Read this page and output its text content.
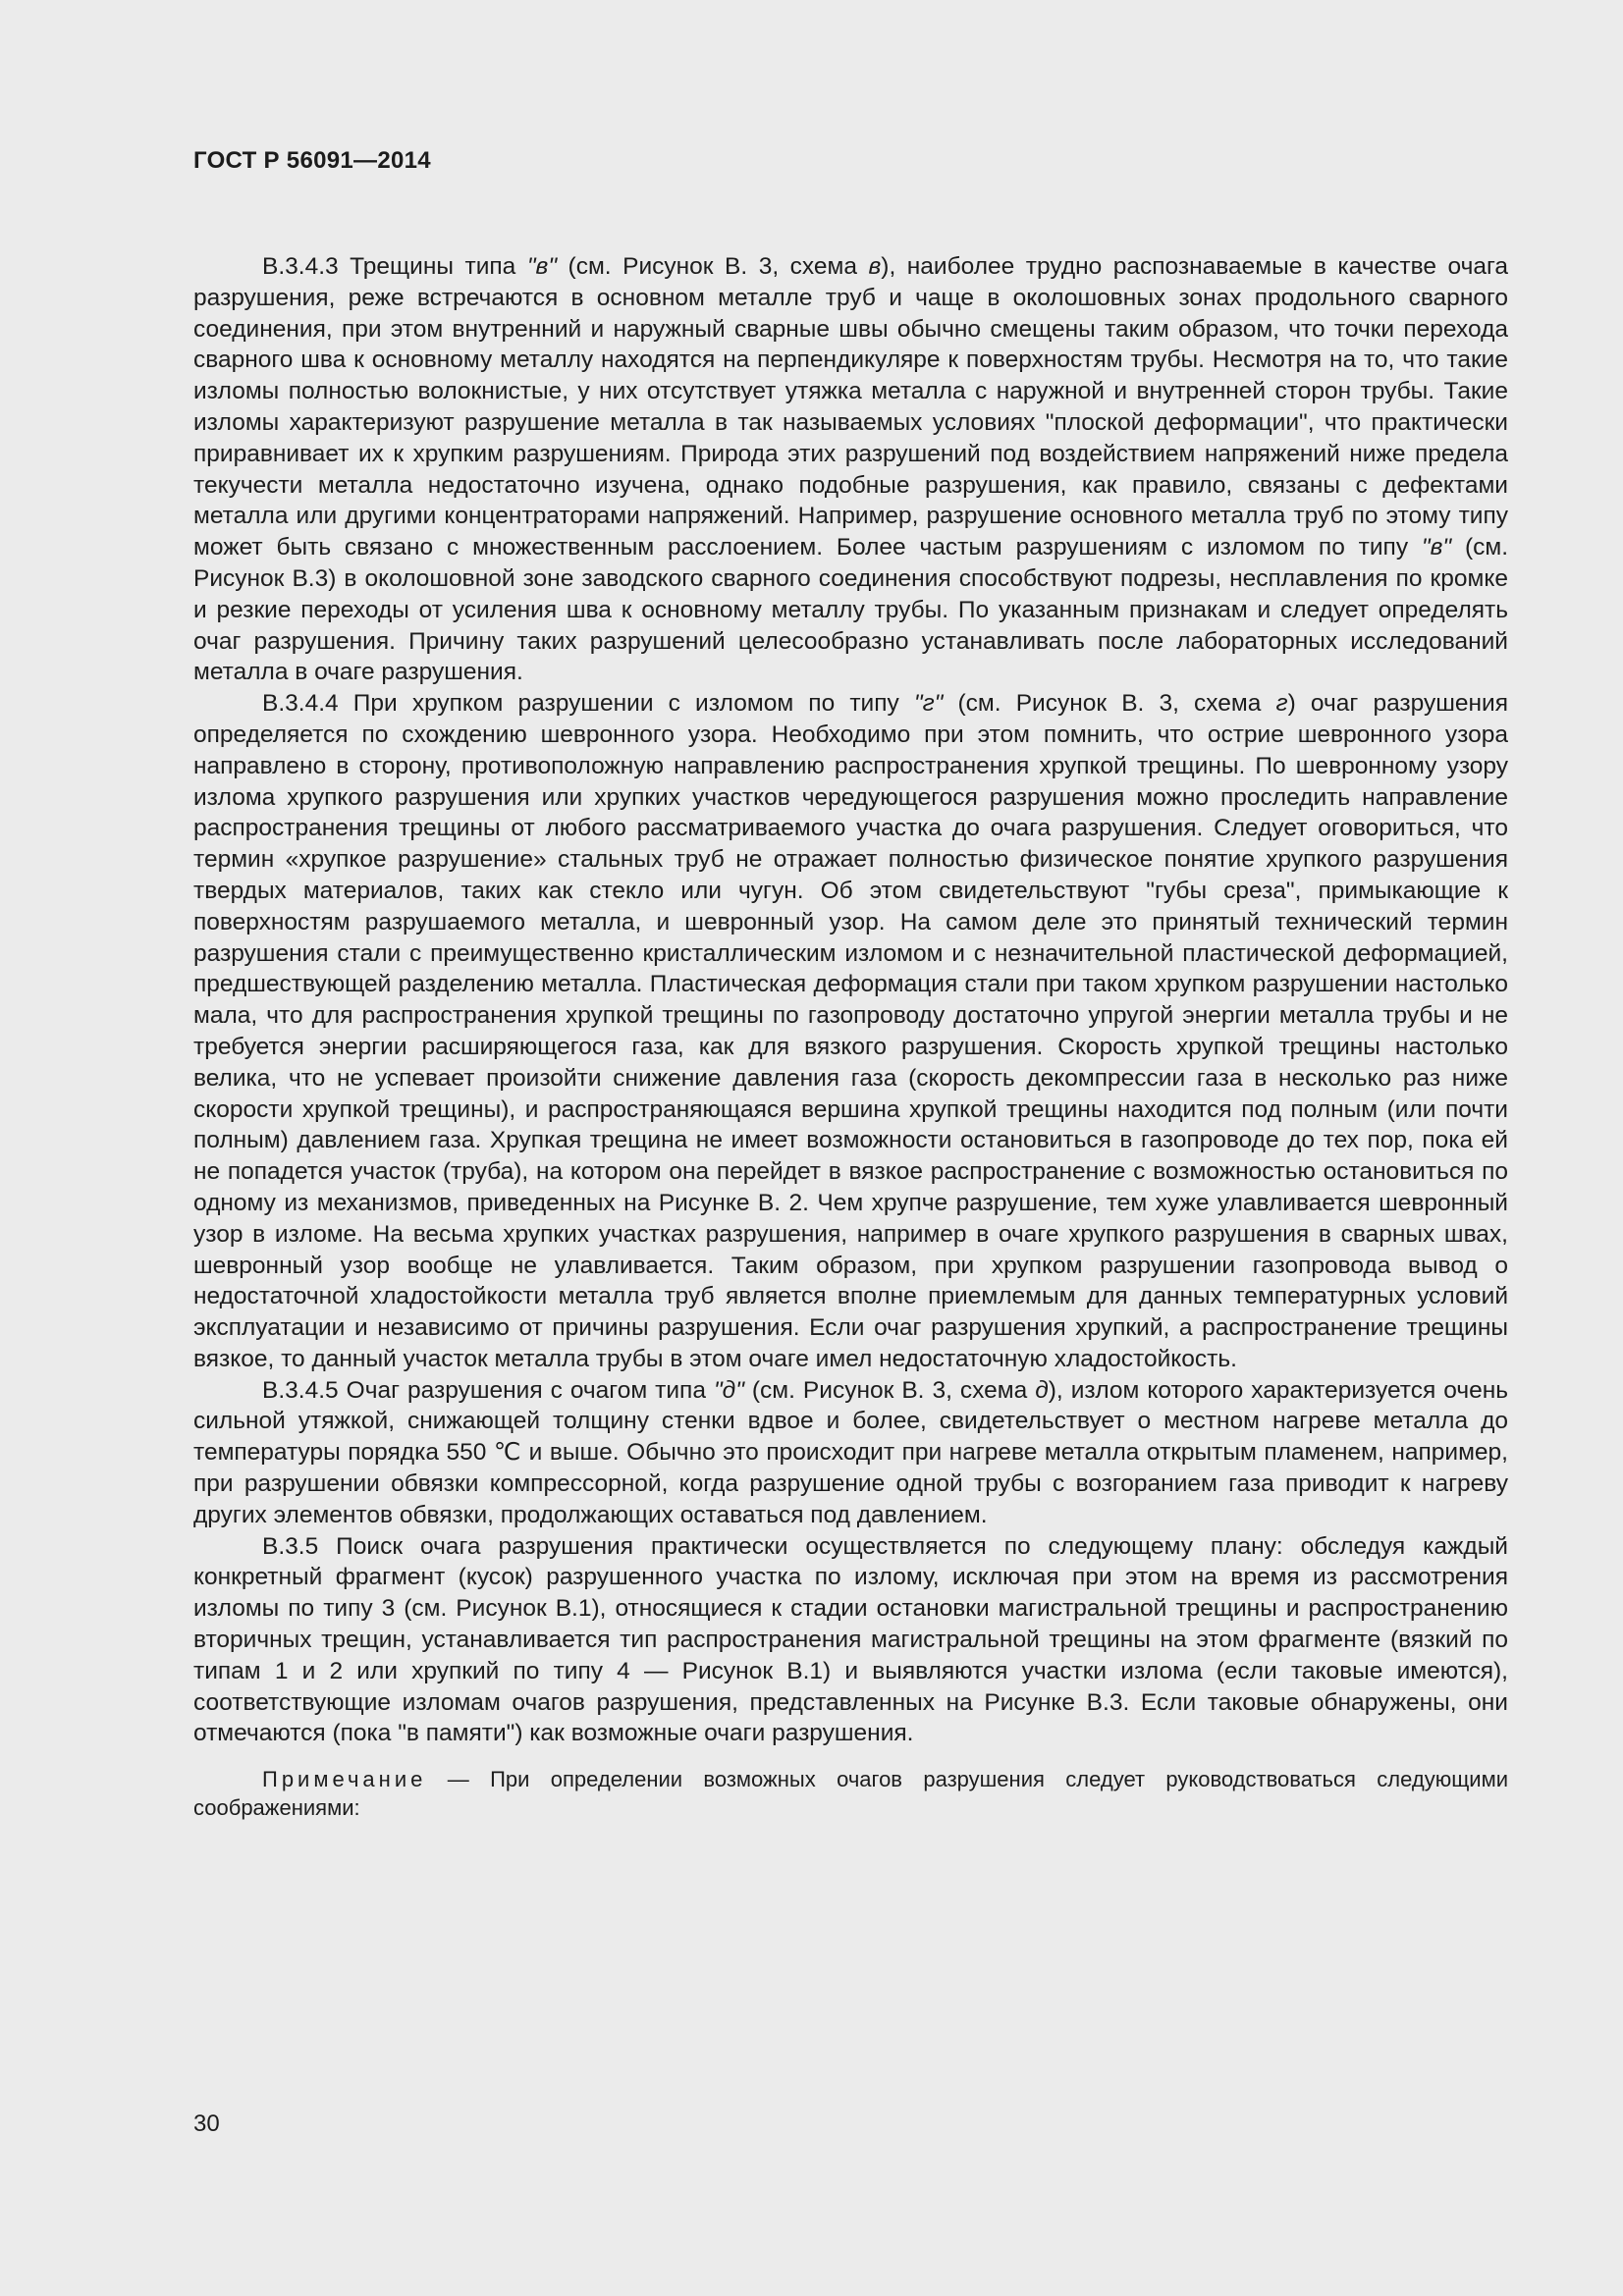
ГОСТ Р 56091—2014

В.3.4.3 Трещины типа "в" (см. Рисунок В. 3, схема в), наиболее трудно распознаваемые в качестве очага разрушения, реже встречаются в основном металле труб и чаще в околошовных зонах продольного сварного соединения, при этом внутренний и наружный сварные швы обычно смещены таким образом, что точки перехода сварного шва к основному металлу находятся на перпендикуляре к поверхностям трубы. Несмотря на то, что такие изломы полностью волокнистые, у них отсутствует утяжка металла с наружной и внутренней сторон трубы. Такие изломы характеризуют разрушение металла в так называемых условиях "плоской деформации", что практически приравнивает их к хрупким разрушениям. Природа этих разрушений под воздействием напряжений ниже предела текучести металла недостаточно изучена, однако подобные разрушения, как правило, связаны с дефектами металла или другими концентраторами напряжений. Например, разрушение основного металла труб по этому типу может быть связано с множественным расслоением. Более частым разрушениям с изломом по типу "в" (см. Рисунок В.3) в околошовной зоне заводского сварного соединения способствуют подрезы, несплавления по кромке и резкие переходы от усиления шва к основному металлу трубы. По указанным признакам и следует определять очаг разрушения. Причину таких разрушений целесообразно устанавливать после лабораторных исследований металла в очаге разрушения.

В.3.4.4 При хрупком разрушении с изломом по типу "г" (см. Рисунок В. 3, схема г) очаг разрушения определяется по схождению шевронного узора. Необходимо при этом помнить, что острие шевронного узора направлено в сторону, противоположную направлению распространения хрупкой трещины. По шевронному узору излома хрупкого разрушения или хрупких участков чередующегося разрушения можно проследить направление распространения трещины от любого рассматриваемого участка до очага разрушения. Следует оговориться, что термин «хрупкое разрушение» стальных труб не отражает полностью физическое понятие хрупкого разрушения твердых материалов, таких как стекло или чугун. Об этом свидетельствуют "губы среза", примыкающие к поверхностям разрушаемого металла, и шевронный узор. На самом деле это принятый технический термин разрушения стали с преимущественно кристаллическим изломом и с незначительной пластической деформацией, предшествующей разделению металла. Пластическая деформация стали при таком хрупком разрушении настолько мала, что для распространения хрупкой трещины по газопроводу достаточно упругой энергии металла трубы и не требуется энергии расширяющегося газа, как для вязкого разрушения. Скорость хрупкой трещины настолько велика, что не успевает произойти снижение давления газа (скорость декомпрессии газа в несколько раз ниже скорости хрупкой трещины), и распространяющаяся вершина хрупкой трещины находится под полным (или почти полным) давлением газа. Хрупкая трещина не имеет возможности остановиться в газопроводе до тех пор, пока ей не попадется участок (труба), на котором она перейдет в вязкое распространение с возможностью остановиться по одному из механизмов, приведенных на Рисунке В. 2. Чем хрупче разрушение, тем хуже улавливается шевронный узор в изломе. На весьма хрупких участках разрушения, например в очаге хрупкого разрушения в сварных швах, шевронный узор вообще не улавливается. Таким образом, при хрупком разрушении газопровода вывод о недостаточной хладостойкости металла труб является вполне приемлемым для данных температурных условий эксплуатации и независимо от причины разрушения. Если очаг разрушения хрупкий, а распространение трещины вязкое, то данный участок металла трубы в этом очаге имел недостаточную хладостойкость.

В.3.4.5 Очаг разрушения с очагом типа "д" (см. Рисунок В. 3, схема д), излом которого характеризуется очень сильной утяжкой, снижающей толщину стенки вдвое и более, свидетельствует о местном нагреве металла до температуры порядка 550 ℃ и выше. Обычно это происходит при нагреве металла открытым пламенем, например, при разрушении обвязки компрессорной, когда разрушение одной трубы с возгоранием газа приводит к нагреву других элементов обвязки, продолжающих оставаться под давлением.

В.3.5 Поиск очага разрушения практически осуществляется по следующему плану: обследуя каждый конкретный фрагмент (кусок) разрушенного участка по излому, исключая при этом на время из рассмотрения изломы по типу 3 (см. Рисунок В.1), относящиеся к стадии остановки магистральной трещины и распространению вторичных трещин, устанавливается тип распространения магистральной трещины на этом фрагменте (вязкий по типам 1 и 2 или хрупкий по типу 4 — Рисунок В.1) и выявляются участки излома (если таковые имеются), соответствующие изломам очагов разрушения, представленных на Рисунке В.3. Если таковые обнаружены, они отмечаются (пока "в памяти") как возможные очаги разрушения.

Примечание — При определении возможных очагов разрушения следует руководствоваться следующими соображениями:
30
